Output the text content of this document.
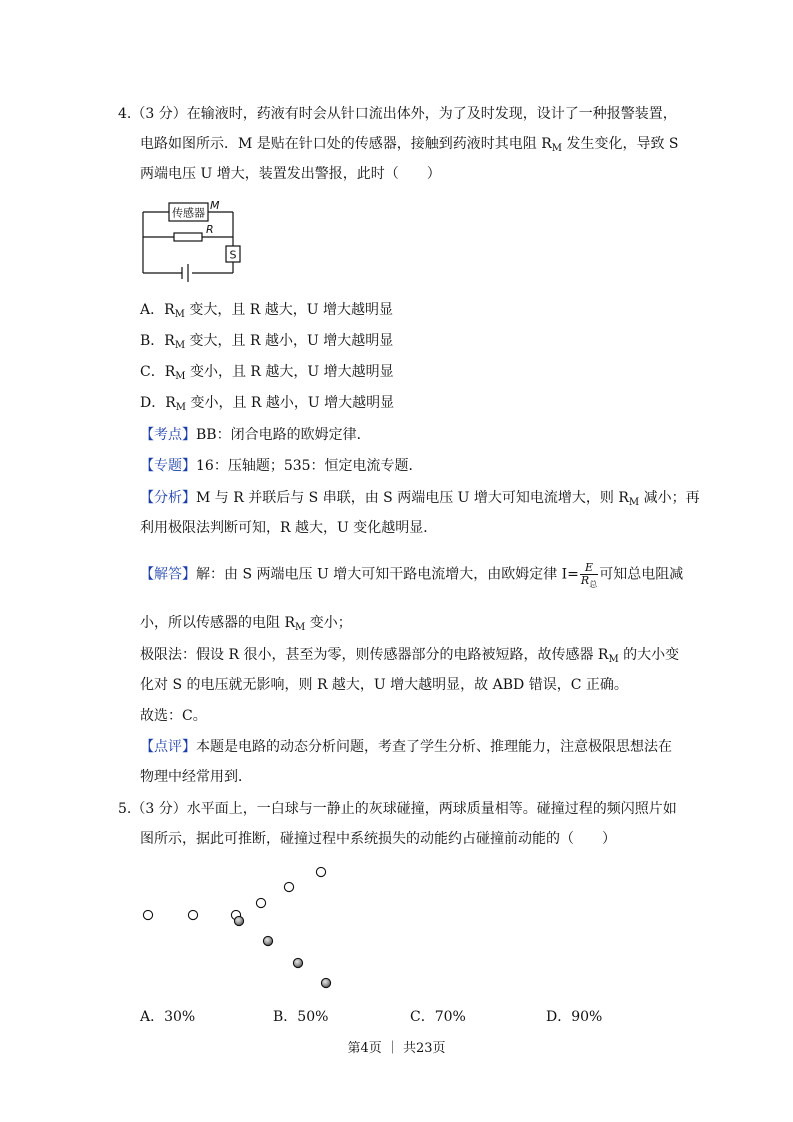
4.（3 分）在输液时，药液有时会从针口流出体外，为了及时发现，设计了一种报警装置，
电路如图所示．M 是贴在针口处的传感器，接触到药液时其电阻 $R_M$ 发生变化，导致 S
两端电压 U 增大，装置发出警报，此时（　　）
传感器
M
R
S
A．$R_M$ 变大，且 R 越大，U 增大越明显
B．$R_M$ 变大，且 R 越小，U 增大越明显
C．$R_M$ 变小，且 R 越大，U 增大越明显
D．$R_M$ 变小，且 R 越小，U 增大越明显
【考点】BB：闭合电路的欧姆定律．
【专题】16：压轴题；535：恒定电流专题．
【分析】M 与 R 并联后与 S 串联，由 S 两端电压 U 增大可知电流增大，则 $R_M$ 减小；再
利用极限法判断可知，R 越大，U 变化越明显．
【解答】解：由 S 两端电压 U 增大可知干路电流增大，由欧姆定律 $I= \frac{E}{R_总}$ 可知总电阻减
小，所以传感器的电阻 $R_M$ 变小；
极限法：假设 R 很小，甚至为零，则传感器部分的电路被短路，故传感器 $R_M$ 的大小变
化对 S 的电压就无影响，则 R 越大，U 增大越明显，故 ABD 错误，C 正确。
故选：C。
【点评】本题是电路的动态分析问题，考查了学生分析、推理能力，注意极限思想法在
物理中经常用到．
5.（3 分）水平面上，一白球与一静止的灰球碰撞，两球质量相等。碰撞过程的频闪照片如
图所示，据此可推断，碰撞过程中系统损失的动能约占碰撞前动能的（　　）
A．30%	B．50%	C．70%	D．90%
第4页 ｜ 共23页
